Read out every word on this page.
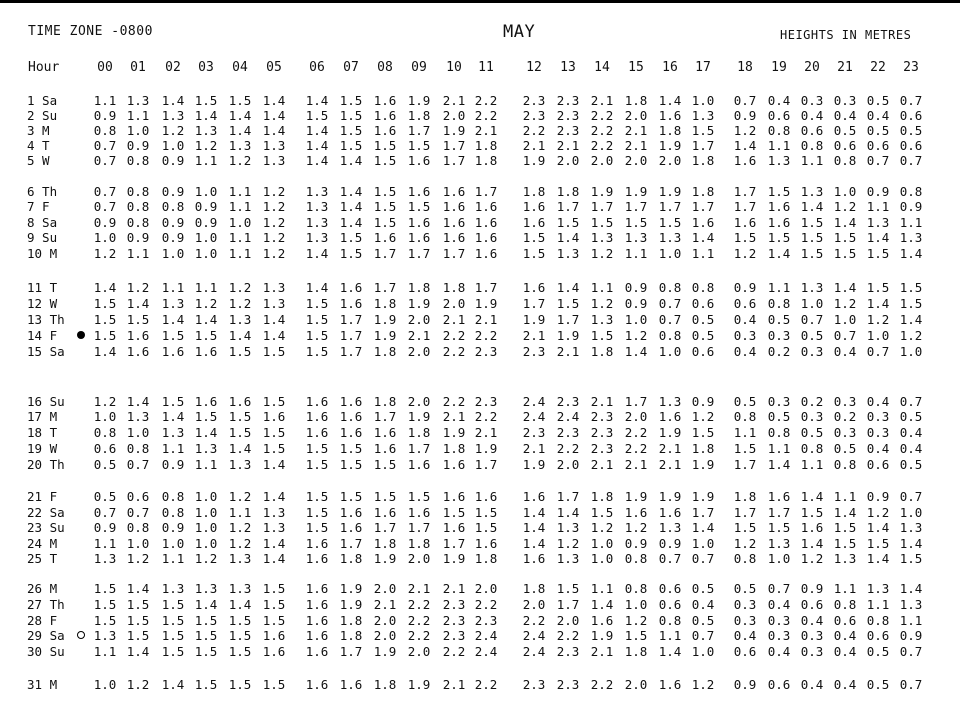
TIME ZONE -0800	MAY	HEIGHTS IN METRES
Hour	00 01 02 03 04 05 06 07 08 09 10 11 12 13 14 15 16 17 18 19 20 21 22 23
1 Sa	1.1 1.3 1.4 1.5 1.5 1.4 1.4 1.5 1.6 1.9 2.1 2.2 2.3 2.3 2.1 1.8 1.4 1.0 0.7 0.4 0.3 0.3 0.5 0.7
2 Su	0.9 1.1 1.3 1.4 1.4 1.4 1.5 1.5 1.6 1.8 2.0 2.2 2.3 2.3 2.2 2.0 1.6 1.3 0.9 0.6 0.4 0.4 0.4 0.6
3 M	0.8 1.0 1.2 1.3 1.4 1.4 1.4 1.5 1.6 1.7 1.9 2.1 2.2 2.3 2.2 2.1 1.8 1.5 1.2 0.8 0.6 0.5 0.5 0.5
4 T	0.7 0.9 1.0 1.2 1.3 1.3 1.4 1.5 1.5 1.5 1.7 1.8 2.1 2.1 2.2 2.1 1.9 1.7 1.4 1.1 0.8 0.6 0.6 0.6
5 W	0.7 0.8 0.9 1.1 1.2 1.3 1.4 1.4 1.5 1.6 1.7 1.8 1.9 2.0 2.0 2.0 2.0 1.8 1.6 1.3 1.1 0.8 0.7 0.7
6 Th	0.7 0.8 0.9 1.0 1.1 1.2 1.3 1.4 1.5 1.6 1.6 1.7 1.8 1.8 1.9 1.9 1.9 1.8 1.7 1.5 1.3 1.0 0.9 0.8
7 F	0.7 0.8 0.8 0.9 1.1 1.2 1.3 1.4 1.5 1.5 1.6 1.6 1.6 1.7 1.7 1.7 1.7 1.7 1.7 1.6 1.4 1.2 1.1 0.9
8 Sa	0.9 0.8 0.9 0.9 1.0 1.2 1.3 1.4 1.5 1.6 1.6 1.6 1.6 1.5 1.5 1.5 1.5 1.6 1.6 1.6 1.5 1.4 1.3 1.1
9 Su	1.0 0.9 0.9 1.0 1.1 1.2 1.3 1.5 1.6 1.6 1.6 1.6 1.5 1.4 1.3 1.3 1.3 1.4 1.5 1.5 1.5 1.5 1.4 1.3
10 M	1.2 1.1 1.0 1.0 1.1 1.2 1.4 1.5 1.7 1.7 1.7 1.6 1.5 1.3 1.2 1.1 1.0 1.1 1.2 1.4 1.5 1.5 1.5 1.4
11 T	1.4 1.2 1.1 1.1 1.2 1.3 1.4 1.6 1.7 1.8 1.8 1.7 1.6 1.4 1.1 0.9 0.8 0.8 0.9 1.1 1.3 1.4 1.5 1.5
12 W	1.5 1.4 1.3 1.2 1.2 1.3 1.5 1.6 1.8 1.9 2.0 1.9 1.7 1.5 1.2 0.9 0.7 0.6 0.6 0.8 1.0 1.2 1.4 1.5
13 Th	1.5 1.5 1.4 1.4 1.3 1.4 1.5 1.7 1.9 2.0 2.1 2.1 1.9 1.7 1.3 1.0 0.7 0.5 0.4 0.5 0.7 1.0 1.2 1.4
14 F	1.5 1.6 1.5 1.5 1.4 1.4 1.5 1.7 1.9 2.1 2.2 2.2 2.1 1.9 1.5 1.2 0.8 0.5 0.3 0.3 0.5 0.7 1.0 1.2
15 Sa	1.4 1.6 1.6 1.6 1.5 1.5 1.5 1.7 1.8 2.0 2.2 2.3 2.3 2.1 1.8 1.4 1.0 0.6 0.4 0.2 0.3 0.4 0.7 1.0
16 Su	1.2 1.4 1.5 1.6 1.6 1.5 1.6 1.6 1.8 2.0 2.2 2.3 2.4 2.3 2.1 1.7 1.3 0.9 0.5 0.3 0.2 0.3 0.4 0.7
17 M	1.0 1.3 1.4 1.5 1.5 1.6 1.6 1.6 1.7 1.9 2.1 2.2 2.4 2.4 2.3 2.0 1.6 1.2 0.8 0.5 0.3 0.2 0.3 0.5
18 T	0.8 1.0 1.3 1.4 1.5 1.5 1.6 1.6 1.6 1.8 1.9 2.1 2.3 2.3 2.3 2.2 1.9 1.5 1.1 0.8 0.5 0.3 0.3 0.4
19 W	0.6 0.8 1.1 1.3 1.4 1.5 1.5 1.5 1.6 1.7 1.8 1.9 2.1 2.2 2.3 2.2 2.1 1.8 1.5 1.1 0.8 0.5 0.4 0.4
20 Th	0.5 0.7 0.9 1.1 1.3 1.4 1.5 1.5 1.5 1.6 1.6 1.7 1.9 2.0 2.1 2.1 2.1 1.9 1.7 1.4 1.1 0.8 0.6 0.5
21 F	0.5 0.6 0.8 1.0 1.2 1.4 1.5 1.5 1.5 1.5 1.6 1.6 1.6 1.7 1.8 1.9 1.9 1.9 1.8 1.6 1.4 1.1 0.9 0.7
22 Sa	0.7 0.7 0.8 1.0 1.1 1.3 1.5 1.6 1.6 1.6 1.5 1.5 1.4 1.4 1.5 1.6 1.6 1.7 1.7 1.7 1.5 1.4 1.2 1.0
23 Su	0.9 0.8 0.9 1.0 1.2 1.3 1.5 1.6 1.7 1.7 1.6 1.5 1.4 1.3 1.2 1.2 1.3 1.4 1.5 1.5 1.6 1.5 1.4 1.3
24 M	1.1 1.0 1.0 1.0 1.2 1.4 1.6 1.7 1.8 1.8 1.7 1.6 1.4 1.2 1.0 0.9 0.9 1.0 1.2 1.3 1.4 1.5 1.5 1.4
25 T	1.3 1.2 1.1 1.2 1.3 1.4 1.6 1.8 1.9 2.0 1.9 1.8 1.6 1.3 1.0 0.8 0.7 0.7 0.8 1.0 1.2 1.3 1.4 1.5
26 M	1.5 1.4 1.3 1.3 1.3 1.5 1.6 1.9 2.0 2.1 2.1 2.0 1.8 1.5 1.1 0.8 0.6 0.5 0.5 0.7 0.9 1.1 1.3 1.4
27 Th	1.5 1.5 1.5 1.4 1.4 1.5 1.6 1.9 2.1 2.2 2.3 2.2 2.0 1.7 1.4 1.0 0.6 0.4 0.3 0.4 0.6 0.8 1.1 1.3
28 F	1.5 1.5 1.5 1.5 1.5 1.5 1.6 1.8 2.0 2.2 2.3 2.3 2.2 2.0 1.6 1.2 0.8 0.5 0.3 0.3 0.4 0.6 0.8 1.1
29 Sa	1.3 1.5 1.5 1.5 1.5 1.6 1.6 1.8 2.0 2.2 2.3 2.4 2.4 2.2 1.9 1.5 1.1 0.7 0.4 0.3 0.3 0.4 0.6 0.9
30 Su	1.1 1.4 1.5 1.5 1.5 1.6 1.6 1.7 1.9 2.0 2.2 2.4 2.4 2.3 2.1 1.8 1.4 1.0 0.6 0.4 0.3 0.4 0.5 0.7
31 M	1.0 1.2 1.4 1.5 1.5 1.5 1.6 1.6 1.8 1.9 2.1 2.2 2.3 2.3 2.2 2.0 1.6 1.2 0.9 0.6 0.4 0.4 0.5 0.7
